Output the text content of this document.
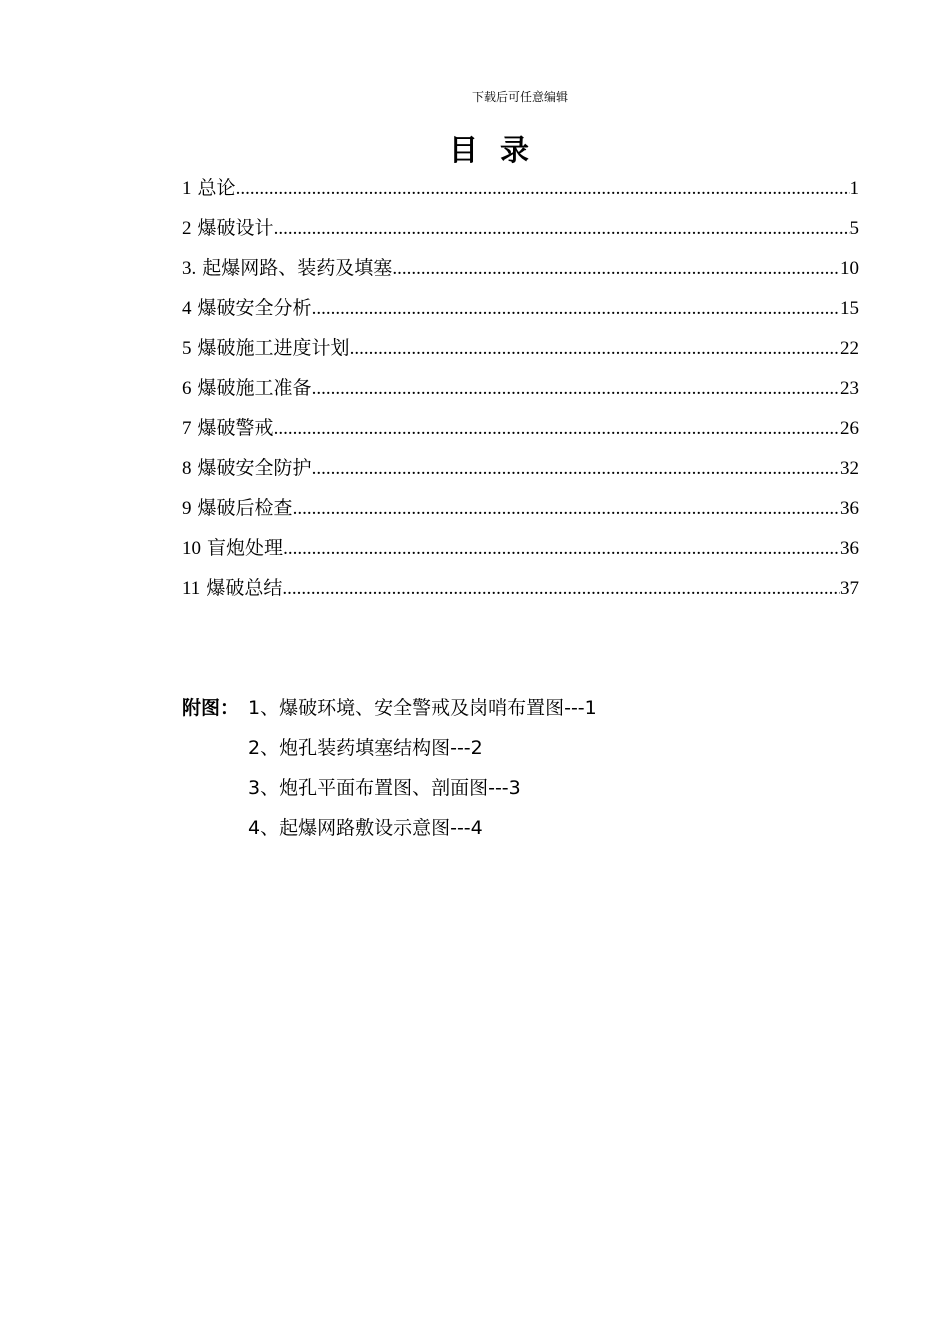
下载后可任意编辑
目录
1 总论 .....	1
2 爆破设计 .....	5
3. 起爆网路、装药及填塞 .....	10
4 爆破安全分析 .....	15
5 爆破施工进度计划 .....	22
6 爆破施工准备 .....	23
7 爆破警戒 .....	26
8 爆破安全防护 .....	32
9 爆破后检查 .....	36
10 盲炮处理 .....	36
11 爆破总结 .....	37
附图： 1、爆破环境、安全警戒及岗哨布置图---1
2、炮孔装药填塞结构图---2
3、炮孔平面布置图、剖面图---3
4、起爆网路敷设示意图---4
